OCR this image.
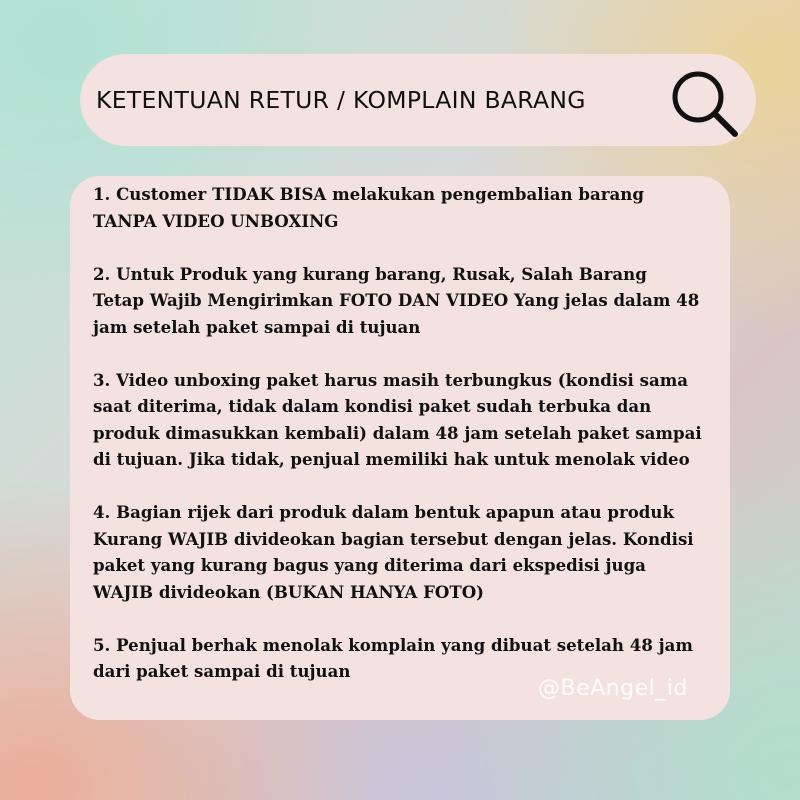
KETENTUAN RETUR / KOMPLAIN BARANG
1. Customer TIDAK BISA melakukan pengembalian barang
TANPA VIDEO UNBOXING
2. Untuk Produk yang kurang barang, Rusak, Salah Barang
Tetap Wajib Mengirimkan FOTO DAN VIDEO Yang jelas dalam 48
jam setelah paket sampai di tujuan
3. Video unboxing paket harus masih terbungkus (kondisi sama
saat diterima, tidak dalam kondisi paket sudah terbuka dan
produk dimasukkan kembali) dalam 48 jam setelah paket sampai
di tujuan. Jika tidak, penjual memiliki hak untuk menolak video
4. Bagian rijek dari produk dalam bentuk apapun atau produk
Kurang WAJIB divideokan bagian tersebut dengan jelas. Kondisi
paket yang kurang bagus yang diterima dari ekspedisi juga
WAJIB divideokan (BUKAN HANYA FOTO)
5. Penjual berhak menolak komplain yang dibuat setelah 48 jam
dari paket sampai di tujuan
@BeAngel_id
